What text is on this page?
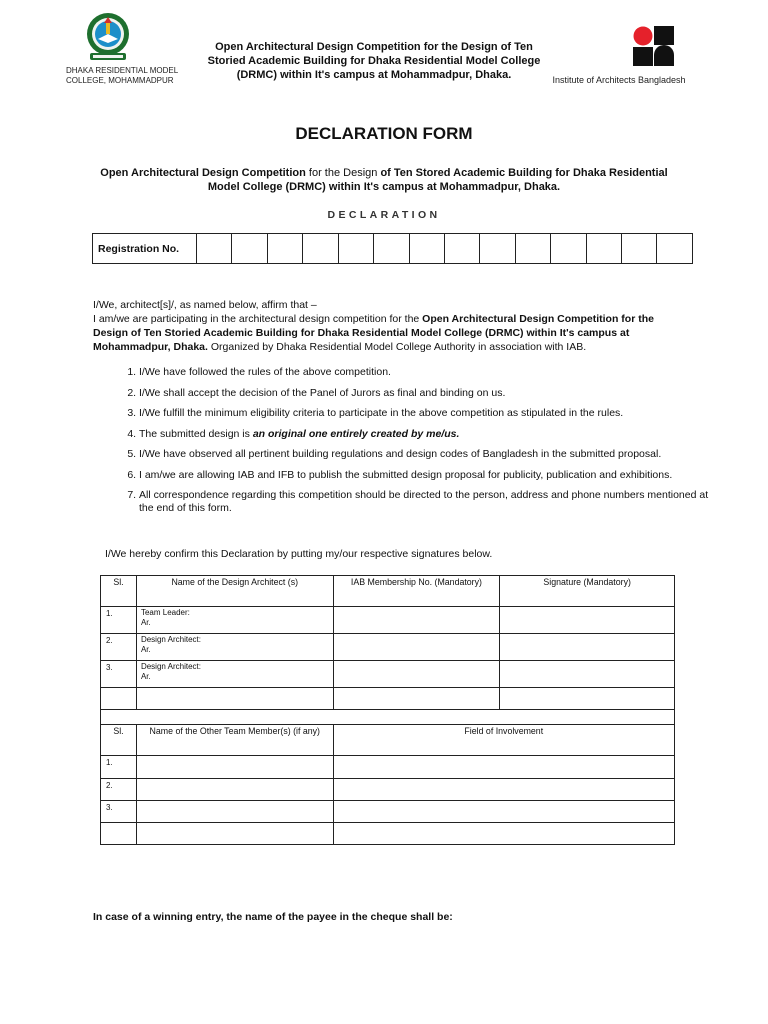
DHAKA RESIDENTIAL MODEL
COLLEGE, MOHAMMADPUR
Open Architectural Design Competition for the Design of Ten
Storied Academic Building for Dhaka Residential Model College
(DRMC) within It's campus at Mohammadpur, Dhaka.	Institute of Architects Bangladesh
DECLARATION FORM
Open Architectural Design Competition for the Design of Ten Stored Academic Building for Dhaka Residential Model College (DRMC) within It's campus at Mohammadpur, Dhaka.
DECLARATION
Registration No.														
I/We, architect[s]/, as named below, affirm that –
I am/we are participating in the architectural design competition for the Open Architectural Design Competition for the Design of Ten Storied Academic Building for Dhaka Residential Model College (DRMC) within It's campus at Mohammadpur, Dhaka. Organized by Dhaka Residential Model College Authority in association with IAB.
1. I/We have followed the rules of the above competition.
2. I/We shall accept the decision of the Panel of Jurors as final and binding on us.
3. I/We fulfill the minimum eligibility criteria to participate in the above competition as stipulated in the rules.
4. The submitted design is an original one entirely created by me/us.
5. I/We have observed all pertinent building regulations and design codes of Bangladesh in the submitted proposal.
6. I am/we are allowing IAB and IFB to publish the submitted design proposal for publicity, publication and exhibitions.
7. All correspondence regarding this competition should be directed to the person, address and phone numbers mentioned at the end of this form.
I/We hereby confirm this Declaration by putting my/our respective signatures below.
Sl.	Name of the Design Architect (s)	IAB Membership No. (Mandatory)	Signature (Mandatory)
1.	Team Leader:
Ar.		

2.	Design Architect:
Ar.		

3.	Design Architect:
Ar.		

Sl.	Name of the Other Team Member(s) (if any)	Field of Involvement	
1.			
2.			
3.			

In case of a winning entry, the name of the payee in the cheque shall be:
